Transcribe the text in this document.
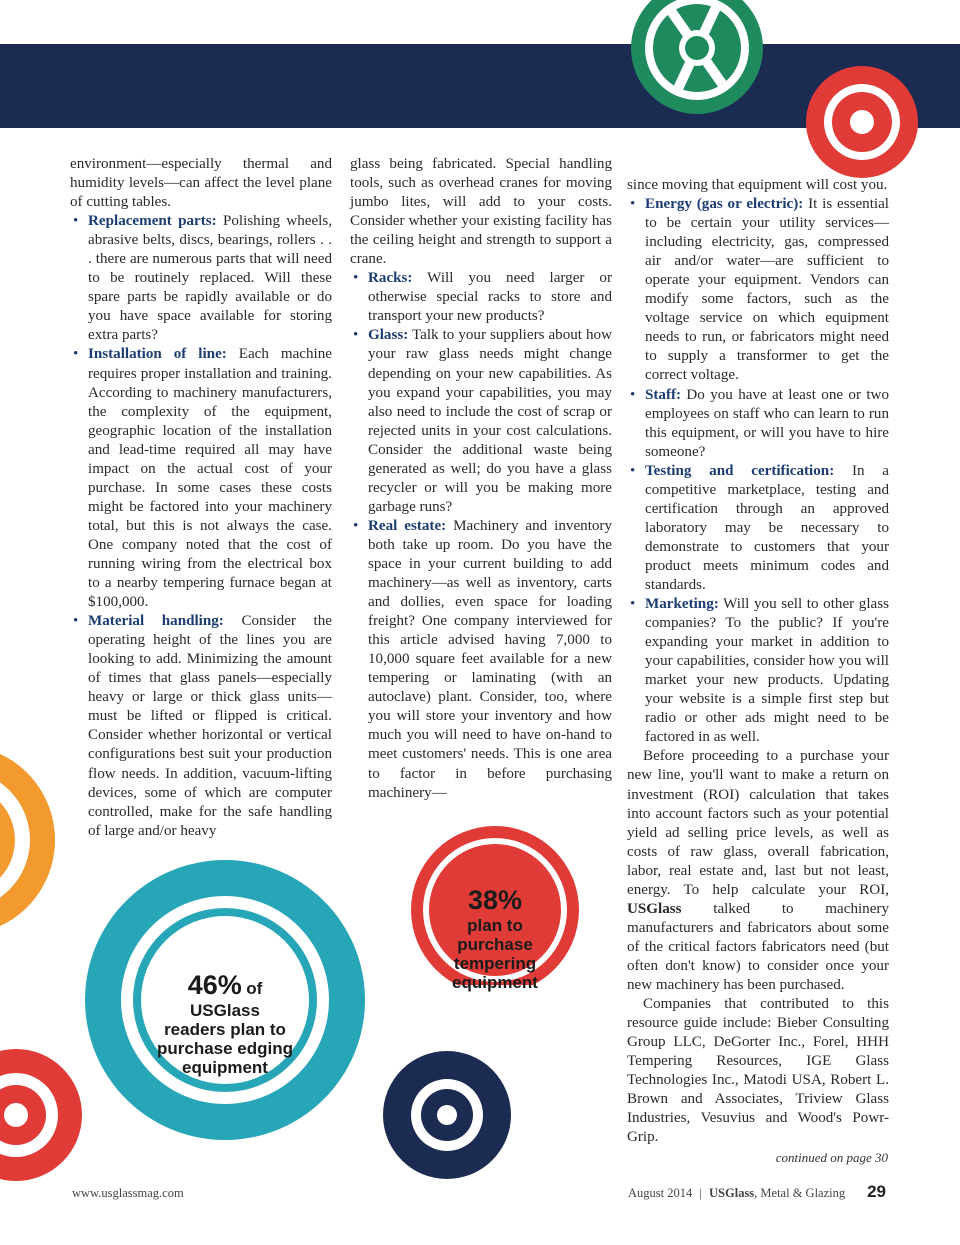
environment—especially thermal and humidity levels—can affect the level plane of cutting tables.

• Replacement parts: Polishing wheels, abrasive belts, discs, bearings, rollers . . . there are numerous parts that will need to be routinely replaced. Will these spare parts be rapidly available or do you have space available for storing extra parts?
• Installation of line: Each machine requires proper installation and training. According to machinery manufacturers, the complexity of the equipment, geographic location of the installation and lead-time required all may have impact on the actual cost of your purchase. In some cases these costs might be factored into your machinery total, but this is not always the case. One company noted that the cost of running wiring from the electrical box to a nearby tempering furnace began at $100,000.
• Material handling: Consider the operating height of the lines you are looking to add. Minimizing the amount of times that glass panels—especially heavy or large or thick glass units—must be lifted or flipped is critical. Consider whether horizontal or vertical configurations best suit your production flow needs. In addition, vacuum-lifting devices, some of which are computer controlled, make for the safe handling of large and/or heavy

glass being fabricated. Special handling tools, such as overhead cranes for moving jumbo lites, will add to your costs. Consider whether your existing facility has the ceiling height and strength to support a crane.

• Racks: Will you need larger or otherwise special racks to store and transport your new products?
• Glass: Talk to your suppliers about how your raw glass needs might change depending on your new capabilities. As you expand your capabilities, you may also need to include the cost of scrap or rejected units in your cost calculations. Consider the additional waste being generated as well; do you have a glass recycler or will you be making more garbage runs?
• Real estate: Machinery and inventory both take up room. Do you have the space in your current building to add machinery—as well as inventory, carts and dollies, even space for loading freight? One company interviewed for this article advised having 7,000 to 10,000 square feet available for a new tempering or laminating (with an autoclave) plant. Consider, too, where you will store your inventory and how much you will need to have on-hand to meet customers' needs. This is one area to factor in before purchasing machinery—

since moving that equipment will cost you.

• Energy (gas or electric): It is essential to be certain your utility services—including electricity, gas, compressed air and/or water—are sufficient to operate your equipment. Vendors can modify some factors, such as the voltage service on which equipment needs to run, or fabricators might need to supply a transformer to get the correct voltage.
• Staff: Do you have at least one or two employees on staff who can learn to run this equipment, or will you have to hire someone?
• Testing and certification: In a competitive marketplace, testing and certification through an approved laboratory may be necessary to demonstrate to customers that your product meets minimum codes and standards.
• Marketing: Will you sell to other glass companies? To the public? If you're expanding your market in addition to your capabilities, consider how you will market your new products. Updating your website is a simple first step but radio or other ads might need to be factored in as well.

Before proceeding to a purchase your new line, you'll want to make a return on investment (ROI) calculation that takes into account factors such as your potential yield ad selling price levels, as well as costs of raw glass, overall fabrication, labor, real estate and, last but not least, energy. To help calculate your ROI, USGlass talked to machinery manufacturers and fabricators about some of the critical factors fabricators need (but often don't know) to consider once your new machinery has been purchased.

Companies that contributed to this resource guide include: Bieber Consulting Group LLC, DeGorter Inc., Forel, HHH Tempering Resources, IGE Glass Technologies Inc., Matodi USA, Robert L. Brown and Associates, Triview Glass Industries, Vesuvius and Wood's Powr-Grip.

46% of
USGlass
readers plan to
purchase edging
equipment
38%
plan to
purchase
tempering
equipment
continued on page 30
www.usglassmag.com	August 2014 | USGlass, Metal & Glazing 29
